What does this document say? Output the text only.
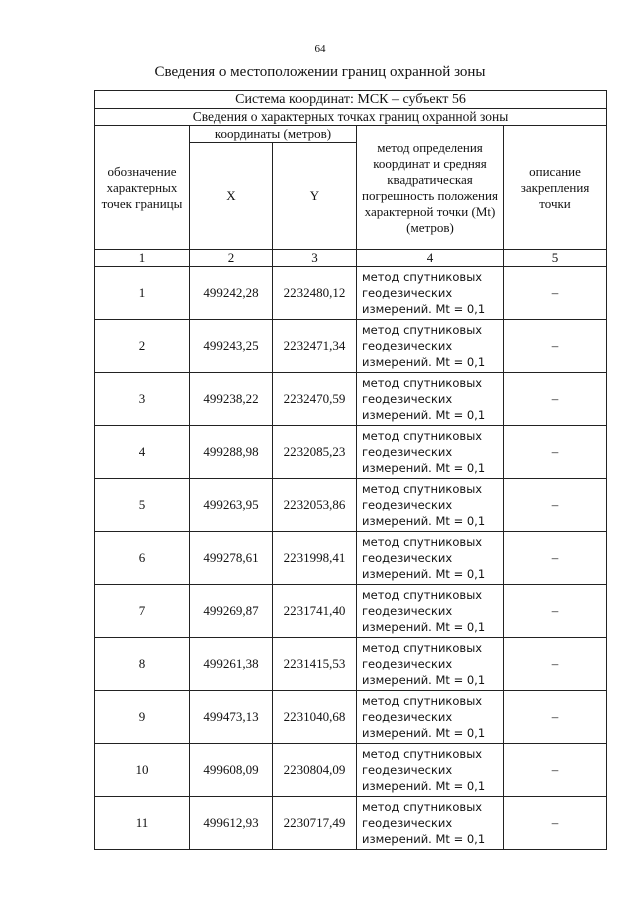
64
Сведения о местоположении границ охранной зоны
Система координат: МСК – субъект 56				
Сведения о характерных точках границ охранной зоны				
обозначение характерных точек границы	координаты (метров)		метод определения координат и средняя квадратическая погрешность положения характерной точки (Mt) (метров)	описание закрепления точки
	X	Y		
1	2	3	4	5
1	499242,28	2232480,12	метод спутниковых
геодезических
измерений. Mt = 0,1	–
2	499243,25	2232471,34	метод спутниковых
геодезических
измерений. Mt = 0,1	–
3	499238,22	2232470,59	метод спутниковых
геодезических
измерений. Mt = 0,1	–
4	499288,98	2232085,23	метод спутниковых
геодезических
измерений. Mt = 0,1	–
5	499263,95	2232053,86	метод спутниковых
геодезических
измерений. Mt = 0,1	–
6	499278,61	2231998,41	метод спутниковых
геодезических
измерений. Mt = 0,1	–
7	499269,87	2231741,40	метод спутниковых
геодезических
измерений. Mt = 0,1	–
8	499261,38	2231415,53	метод спутниковых
геодезических
измерений. Mt = 0,1	–
9	499473,13	2231040,68	метод спутниковых
геодезических
измерений. Mt = 0,1	–
10	499608,09	2230804,09	метод спутниковых
геодезических
измерений. Mt = 0,1	–
11	499612,93	2230717,49	метод спутниковых
геодезических
измерений. Mt = 0,1	–
